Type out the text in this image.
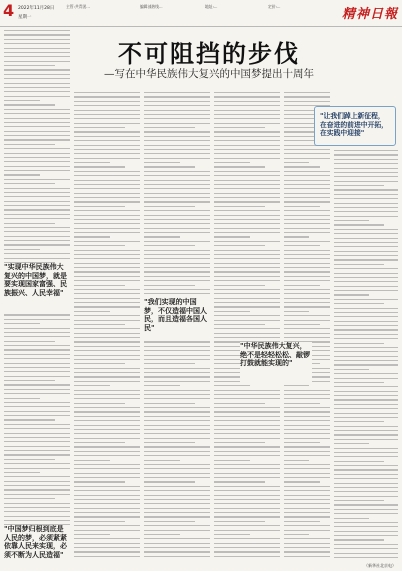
4 2022年11月28日
星期一
主管:共青团...	编辑部热线...	地址:...	定价:...
精神日報
不可阻挡的步伐
—写在中华民族伟大复兴的中国梦提出十周年
"实现中华民族伟大复兴的中国梦，就是要实现国家富强、民族振兴、人民幸福"
"中国梦归根到底是人民的梦，必须紧紧依靠人民来实现，必须不断为人民造福"
"我们实现的中国梦，不仅造福中国人民，而且造福各国人民"
"中华民族伟大复兴，绝不是轻轻松松、敲锣打鼓就能实现的"
"让我们踔上新征程，在奋进的前进中开拓，在实践中迎接"
（新华社北京电）
